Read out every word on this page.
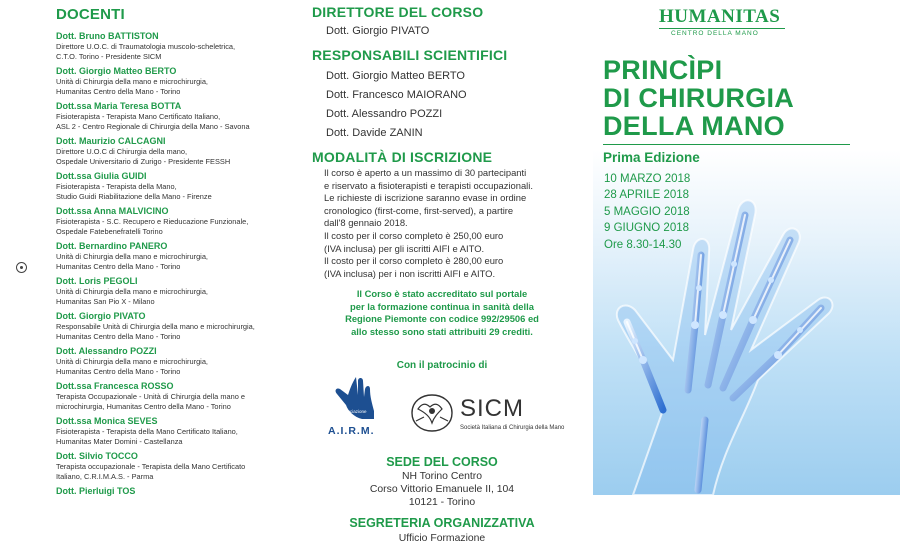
DOCENTI
Dott. Bruno BATTISTON
Direttore U.O.C. di Traumatologia muscolo-scheletrica,
C.T.O. Torino - Presidente SICM
Dott. Giorgio Matteo BERTO
Unità di Chirurgia della mano e microchirurgia,
Humanitas Centro della Mano - Torino
Dott.ssa Maria Teresa BOTTA
Fisioterapista - Terapista Mano Certificato Italiano,
ASL 2 - Centro Regionale di Chirurgia della Mano - Savona
Dott. Maurizio CALCAGNI
Direttore U.O.C di Chirurgia della mano,
Ospedale Universitario di Zurigo - Presidente FESSH
Dott.ssa Giulia GUIDI
Fisioterapista - Terapista della Mano,
Studio Guidi Riabilitazione della Mano - Firenze
Dott.ssa Anna MALVICINO
Fisioterapista - S.C. Recupero e Rieducazione Funzionale,
Ospedale Fatebenefratelli Torino
Dott. Bernardino PANERO
Unità di Chirurgia della mano e microchirurgia,
Humanitas Centro della Mano - Torino
Dott. Loris PEGOLI
Unità di Chirurgia della mano e microchirurgia,
Humanitas San Pio X - Milano
Dott. Giorgio PIVATO
Responsabile Unità di Chirurgia della mano e microchirurgia,
Humanitas Centro della Mano - Torino
Dott. Alessandro POZZI
Unità di Chirurgia della mano e microchirurgia,
Humanitas Centro della Mano - Torino
Dott.ssa Francesca ROSSO
Terapista Occupazionale - Unità di Chirurgia della mano e
microchirurgia, Humanitas Centro della Mano - Torino
Dott.ssa Monica SEVES
Fisioterapista - Terapista della Mano Certificato Italiano,
Humanitas Mater Domini - Castellanza
Dott. Silvio TOCCO
Terapista occupazionale - Terapista della Mano Certificato
Italiano, C.R.I.M.A.S. - Parma
Dott. Pierluigi TOS
DIRETTORE DEL CORSO
Dott. Giorgio PIVATO
RESPONSABILI SCIENTIFICI
Dott. Giorgio Matteo BERTO
Dott. Francesco MAIORANO
Dott. Alessandro POZZI
Dott. Davide ZANIN
MODALITÀ DI ISCRIZIONE
Il corso è aperto a un massimo di 30 partecipanti
e riservato a fisioterapisti e terapisti occupazionali.
Le richieste di iscrizione saranno evase in ordine
cronologico (first-come, first-served), a partire
dall'8 gennaio 2018.
Il costo per il corso completo è 250,00 euro
(IVA inclusa) per gli iscritti AIFI e AITO.
Il costo per il corso completo è 280,00 euro
(IVA inclusa) per i non iscritti AIFI e AITO.
Il Corso è stato accreditato sul portale
per la formazione continua in sanità della
Regione Piemonte con codice 992/29506 ed
allo stesso sono stati attribuiti 29 crediti.
Con il patrocinio di
Associazione Italiana Riabilitazione Mano
A.I.R.M.
SICM
Società Italiana di Chirurgia della Mano
SEDE DEL CORSO
NH Torino Centro
Corso Vittorio Emanuele II, 104
10121 - Torino
SEGRETERIA ORGANIZZATIVA
Ufficio Formazione
HUMANITAS
CENTRO DELLA MANO
PRINCÌPI
DI CHIRURGIA
DELLA MANO
Prima Edizione
10 MARZO 2018
28 APRILE 2018
5 MAGGIO 2018
9 GIUGNO 2018
Ore 8.30-14.30
